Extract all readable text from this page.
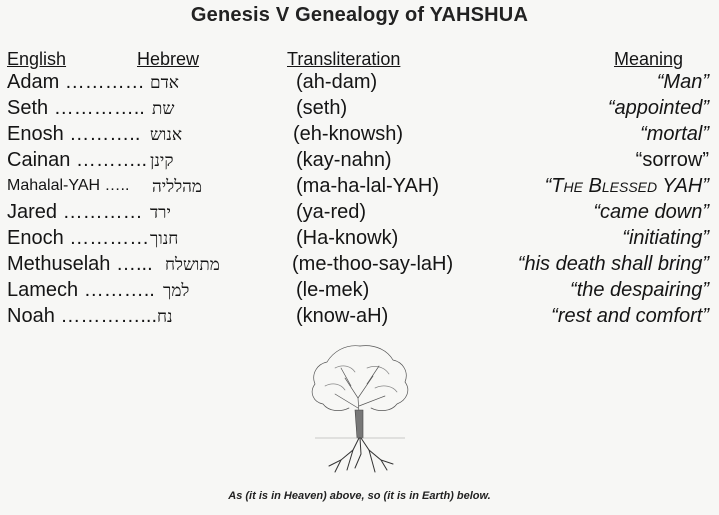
Genesis V Genealogy of YAHSHUA
English	Hebrew	Transliteration	Meaning
Adam ………… אדם	(ah-dam)	“Man”
Seth ………….. שת	(seth)	“appointed”
Enosh ……….. אנוש	(eh-knowsh)	“mortal”
Cainan ……….. קינן	(kay-nahn)	“sorrow”
Mahalal-YAH ….. מהלליה	(ma-ha-lal-YAH)	“The Blessed YAH”
Jared ………… ירד	(ya-red)	“came down”
Enoch ………… חנוך	(Ha-knowk)	“initiating”
Methuselah …... מתושלח	(me-thoo-say-laH)	“his death shall bring”
Lamech ……….. למך	(le-mek)	“the despairing”
Noah …………... נח	(know-aH)	“rest and comfort”
As (it is in Heaven) above, so (it is in Earth) below.
